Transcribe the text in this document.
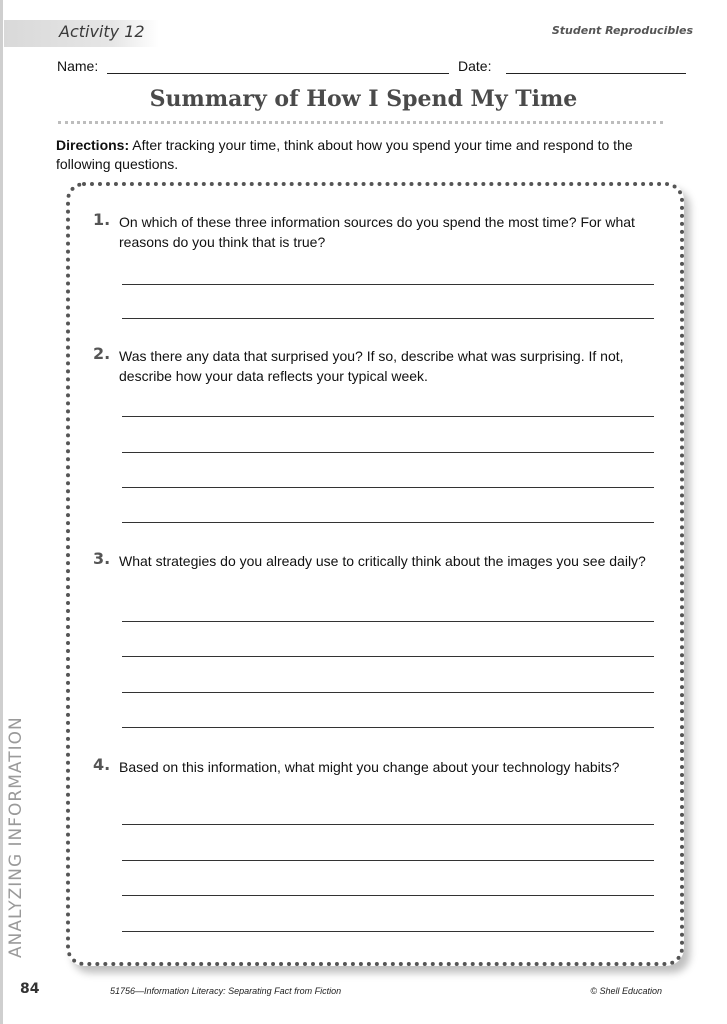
Activity 12	Student Reproducibles
Name:	Date:
Summary of How I Spend My Time
Directions: After tracking your time, think about how you spend your time and respond to the following questions.
1. On which of these three information sources do you spend the most time? For what reasons do you think that is true?
2. Was there any data that surprised you? If so, describe what was surprising. If not, describe how your data reflects your typical week.
3. What strategies do you already use to critically think about the images you see daily?
4. Based on this information, what might you change about your technology habits?
ANALYZING INFORMATION
84	51756—Information Literacy: Separating Fact from Fiction	© Shell Education
